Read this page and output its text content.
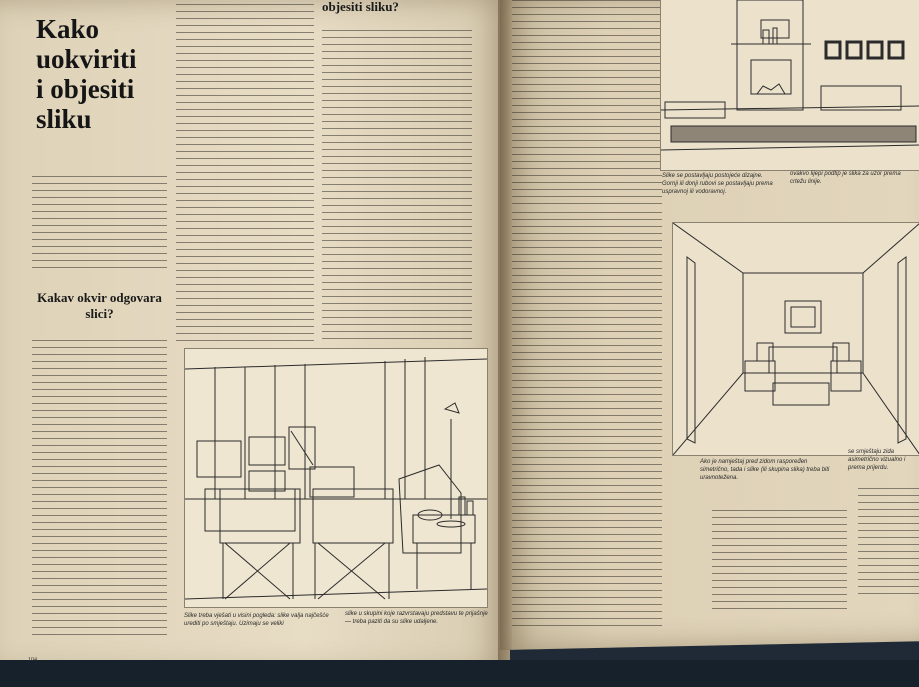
Kako
uokviriti
i objesiti
sliku
Kakav okvir odgovara slici?
objesiti sliku?
Slike treba vješati u visini pogleda: slike valja najčešće urediti po smještaju. Uzimaju se veliki
slike u skupini koje razvrstavaju predstavu te prijašnje — treba paziti da su slike udaljene.
104
Slike se postavljaju postojeće dizajne. Gornji ili donji rubovi se postavljaju prema uspravnoj ili vodoravnoj.
ovakvo lijepi podtip je slika za uzor prema crtežu linije.
Ako je namještaj pred zidom raspoređen simetrično, tada i slike (ili skupina slika) treba biti uravnotežena.
se smještaju zida asimetrično vizualno i prema prijerdu.
